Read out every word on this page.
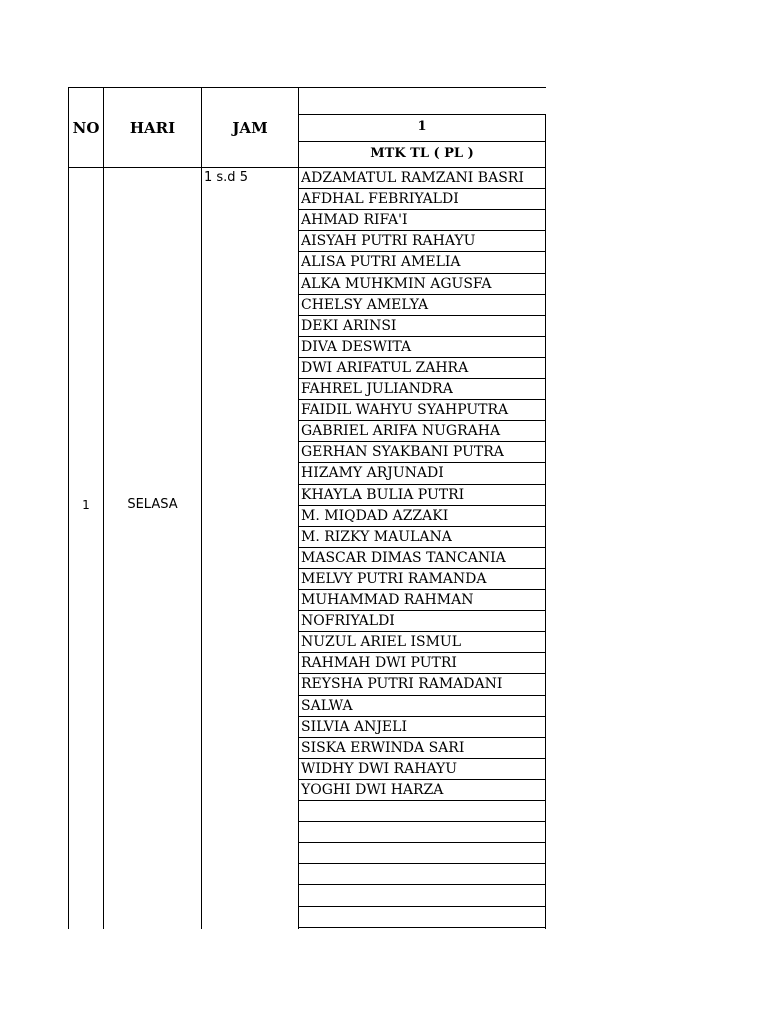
NO	HARI	JAM	1
MTK TL ( PL )
1	SELASA
1 s.d 5	ADZAMATUL RAMZANI BASRI
AFDHAL FEBRIYALDI
AHMAD RIFA'I
AISYAH PUTRI RAHAYU
ALISA PUTRI AMELIA
ALKA MUHKMIN AGUSFA
CHELSY AMELYA
DEKI ARINSI
DIVA DESWITA
DWI ARIFATUL ZAHRA
FAHREL JULIANDRA
FAIDIL WAHYU SYAHPUTRA
GABRIEL ARIFA NUGRAHA
GERHAN SYAKBANI PUTRA
HIZAMY ARJUNADI
KHAYLA BULIA PUTRI
M. MIQDAD AZZAKI
M. RIZKY MAULANA
MASCAR DIMAS TANCANIA
MELVY PUTRI RAMANDA
MUHAMMAD RAHMAN
NOFRIYALDI
NUZUL ARIEL ISMUL
RAHMAH DWI PUTRI
REYSHA PUTRI RAMADANI
SALWA
SILVIA ANJELI
SISKA ERWINDA SARI
WIDHY DWI RAHAYU
YOGHI DWI HARZA
